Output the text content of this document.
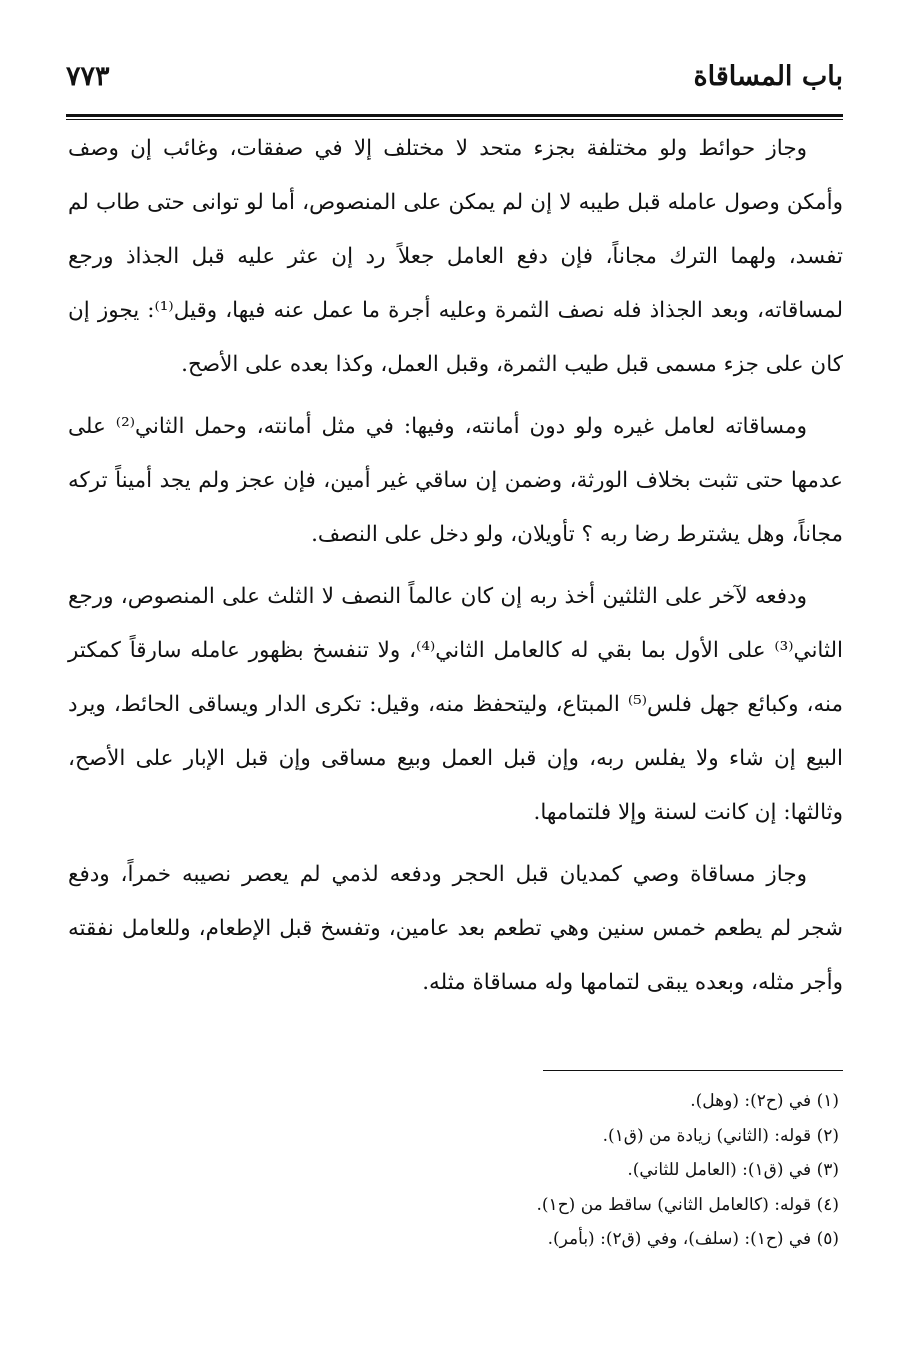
باب المساقاة
٧٧٣

وجاز حوائط ولو مختلفة بجزء متحد لا مختلف إلا في صفقات، وغائب إن وصف وأمكن وصول عامله قبل طيبه لا إن لم يمكن على المنصوص، أما لو توانى حتى طاب لم تفسد، ولهما الترك مجاناً، فإن دفع العامل جعلاً رد إن عثر عليه قبل الجذاذ ورجع لمساقاته، وبعد الجذاذ فله نصف الثمرة وعليه أجرة ما عمل عنه فيها، وقيل⁽¹⁾: يجوز إن كان على جزء مسمى قبل طيب الثمرة، وقبل العمل، وكذا بعده على الأصح.

ومساقاته لعامل غيره ولو دون أمانته، وفيها: في مثل أمانته، وحمل الثاني⁽²⁾ على عدمها حتى تثبت بخلاف الورثة، وضمن إن ساقي غير أمين، فإن عجز ولم يجد أميناً تركه مجاناً، وهل يشترط رضا ربه ؟ تأويلان، ولو دخل على النصف.

ودفعه لآخر على الثلثين أخذ ربه إن كان عالماً النصف لا الثلث على المنصوص، ورجع الثاني⁽³⁾ على الأول بما بقي له كالعامل الثاني⁽⁴⁾، ولا تنفسخ بظهور عامله سارقاً كمكتر منه، وكبائع جهل فلس⁽⁵⁾ المبتاع، وليتحفظ منه، وقيل: تكرى الدار ويساقى الحائط، ويرد البيع إن شاء ولا يفلس ربه، وإن قبل العمل وبيع مساقى وإن قبل الإبار على الأصح، وثالثها: إن كانت لسنة وإلا فلتمامها.

وجاز مساقاة وصي كمديان قبل الحجر ودفعه لذمي لم يعصر نصيبه خمراً، ودفع شجر لم يطعم خمس سنين وهي تطعم بعد عامين، وتفسخ قبل الإطعام، وللعامل نفقته وأجر مثله، وبعده يبقى لتمامها وله مساقاة مثله.

(١) في (ح٢): (وهل).
(٢) قوله: (الثاني) زيادة من (ق١).
(٣) في (ق١): (العامل للثاني).
(٤) قوله: (كالعامل الثاني) ساقط من (ح١).
(٥) في (ح١): (سلف)، وفي (ق٢): (بأمر).
